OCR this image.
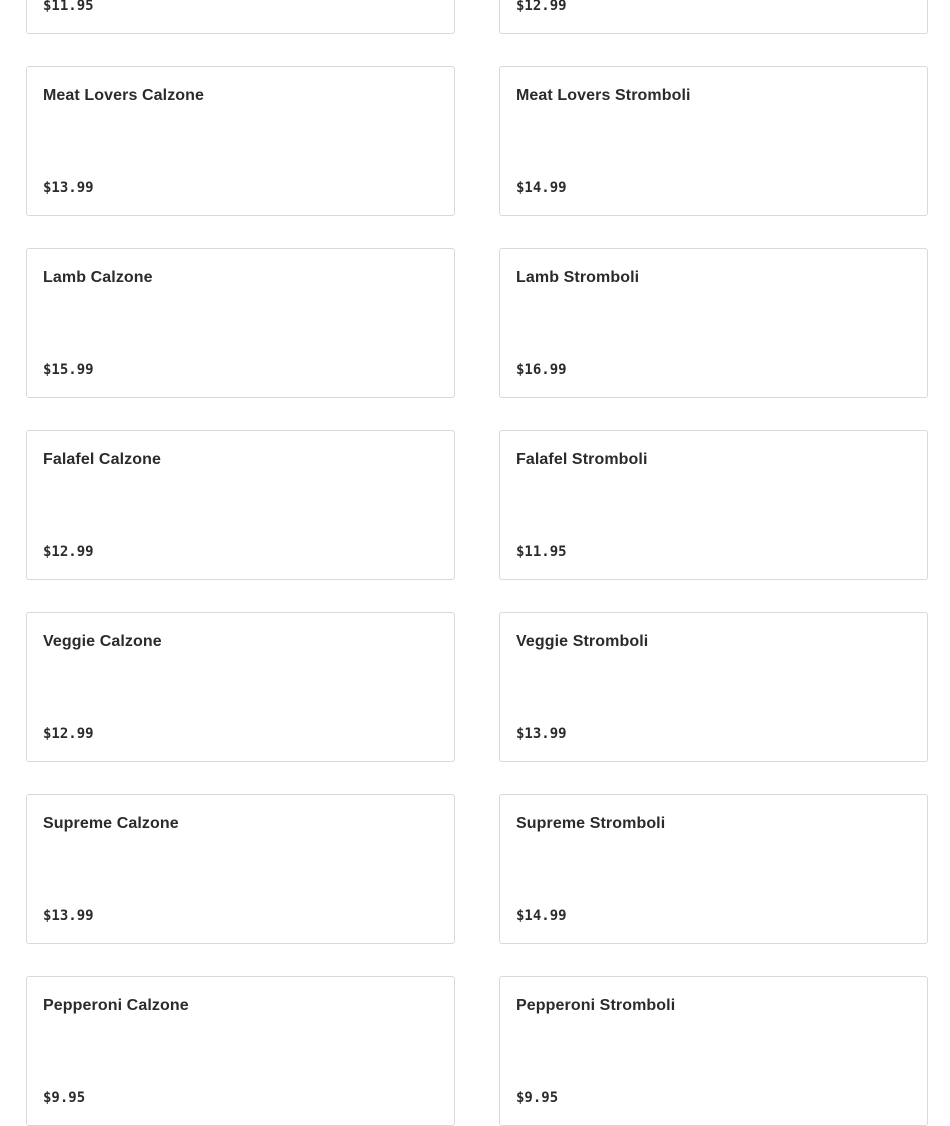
$11.95	$12.99
Meat Lovers Calzone
$13.99
Meat Lovers Stromboli
$14.99
Lamb Calzone
$15.99
Lamb Stromboli
$16.99
Falafel Calzone
$12.99
Falafel Stromboli
$11.95
Veggie Calzone
$12.99
Veggie Stromboli
$13.99
Supreme Calzone
$13.99
Supreme Stromboli
$14.99
Pepperoni Calzone
$9.95
Pepperoni Stromboli
$9.95
